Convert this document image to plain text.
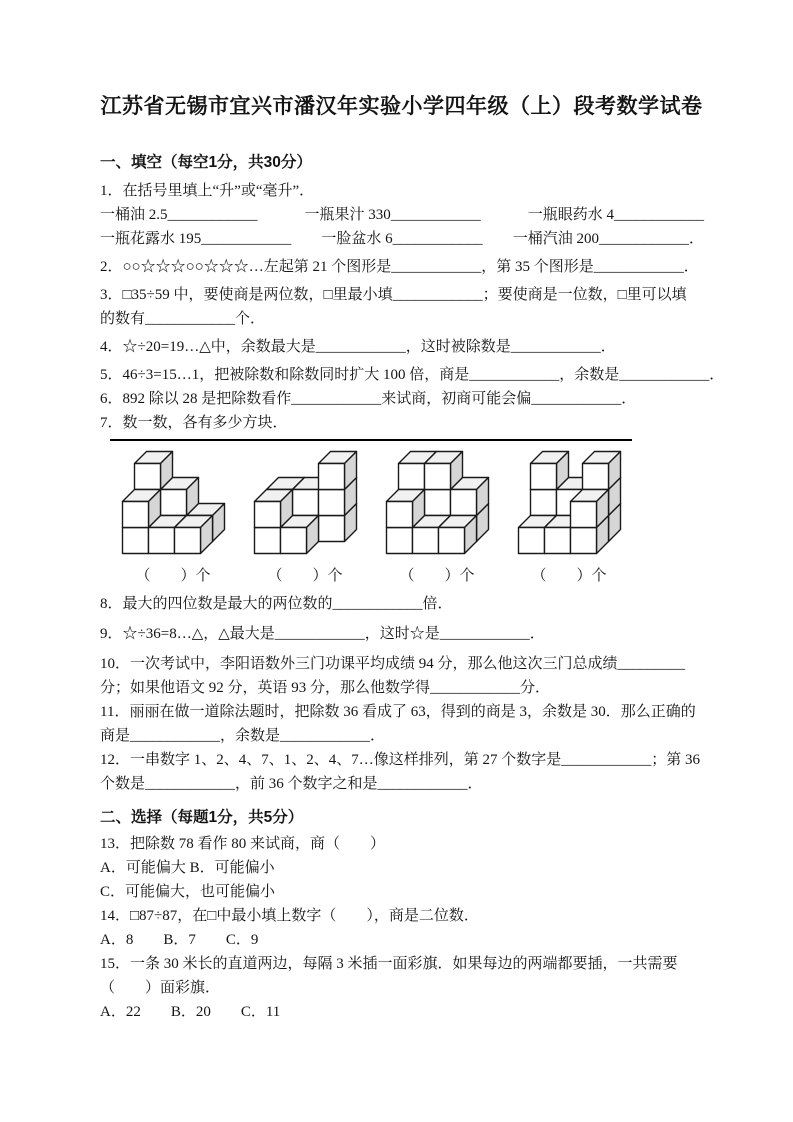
江苏省无锡市宜兴市潘汉年实验小学四年级（上）段考数学试卷
一、填空（每空1分，共30分）
1．在括号里填上“升”或“毫升”．
一桶油 2.5____________	一瓶果汁 330____________	一瓶眼药水 4____________
一瓶花露水 195____________ 一脸盆水 6____________ 一桶汽油 200____________．
2．○○☆☆☆○○☆☆☆…左起第 21 个图形是____________，第 35 个图形是____________．
3．□35÷59 中，要使商是两位数，□里最小填____________；要使商是一位数，□里可以填
的数有____________个．
4．☆÷20=19…△中，余数最大是____________，这时被除数是____________．
5．46÷3=15…1，把被除数和除数同时扩大 100 倍，商是____________，余数是____________．
6．892 除以 28 是把除数看作____________来试商，初商可能会偏____________．
7．数一数，各有多少方块．
（　　）个	（　　）个	（　　）个	（　　）个
8．最大的四位数是最大的两位数的____________倍．
9．☆÷36=8…△，△最大是____________，这时☆是____________．
10．一次考试中，李阳语数外三门功课平均成绩 94 分，那么他这次三门总成绩_________
分；如果他语文 92 分，英语 93 分，那么他数学得____________分．
11．丽丽在做一道除法题时，把除数 36 看成了 63，得到的商是 3，余数是 30．那么正确的
商是____________，余数是____________．
12．一串数字 1、2、4、7、1、2、4、7…像这样排列，第 27 个数字是____________；第 36
个数是____________，前 36 个数字之和是____________．
二、选择（每题1分，共5分）
13．把除数 78 看作 80 来试商，商（　　）
A．可能偏大 B．可能偏小
C．可能偏大，也可能偏小
14．□87÷87，在□中最小填上数字（　　），商是二位数．
A．8　　B．7　　C．9
15．一条 30 米长的直道两边，每隔 3 米插一面彩旗．如果每边的两端都要插，一共需要
（　　）面彩旗．
A．22　　B．20　　C．11
